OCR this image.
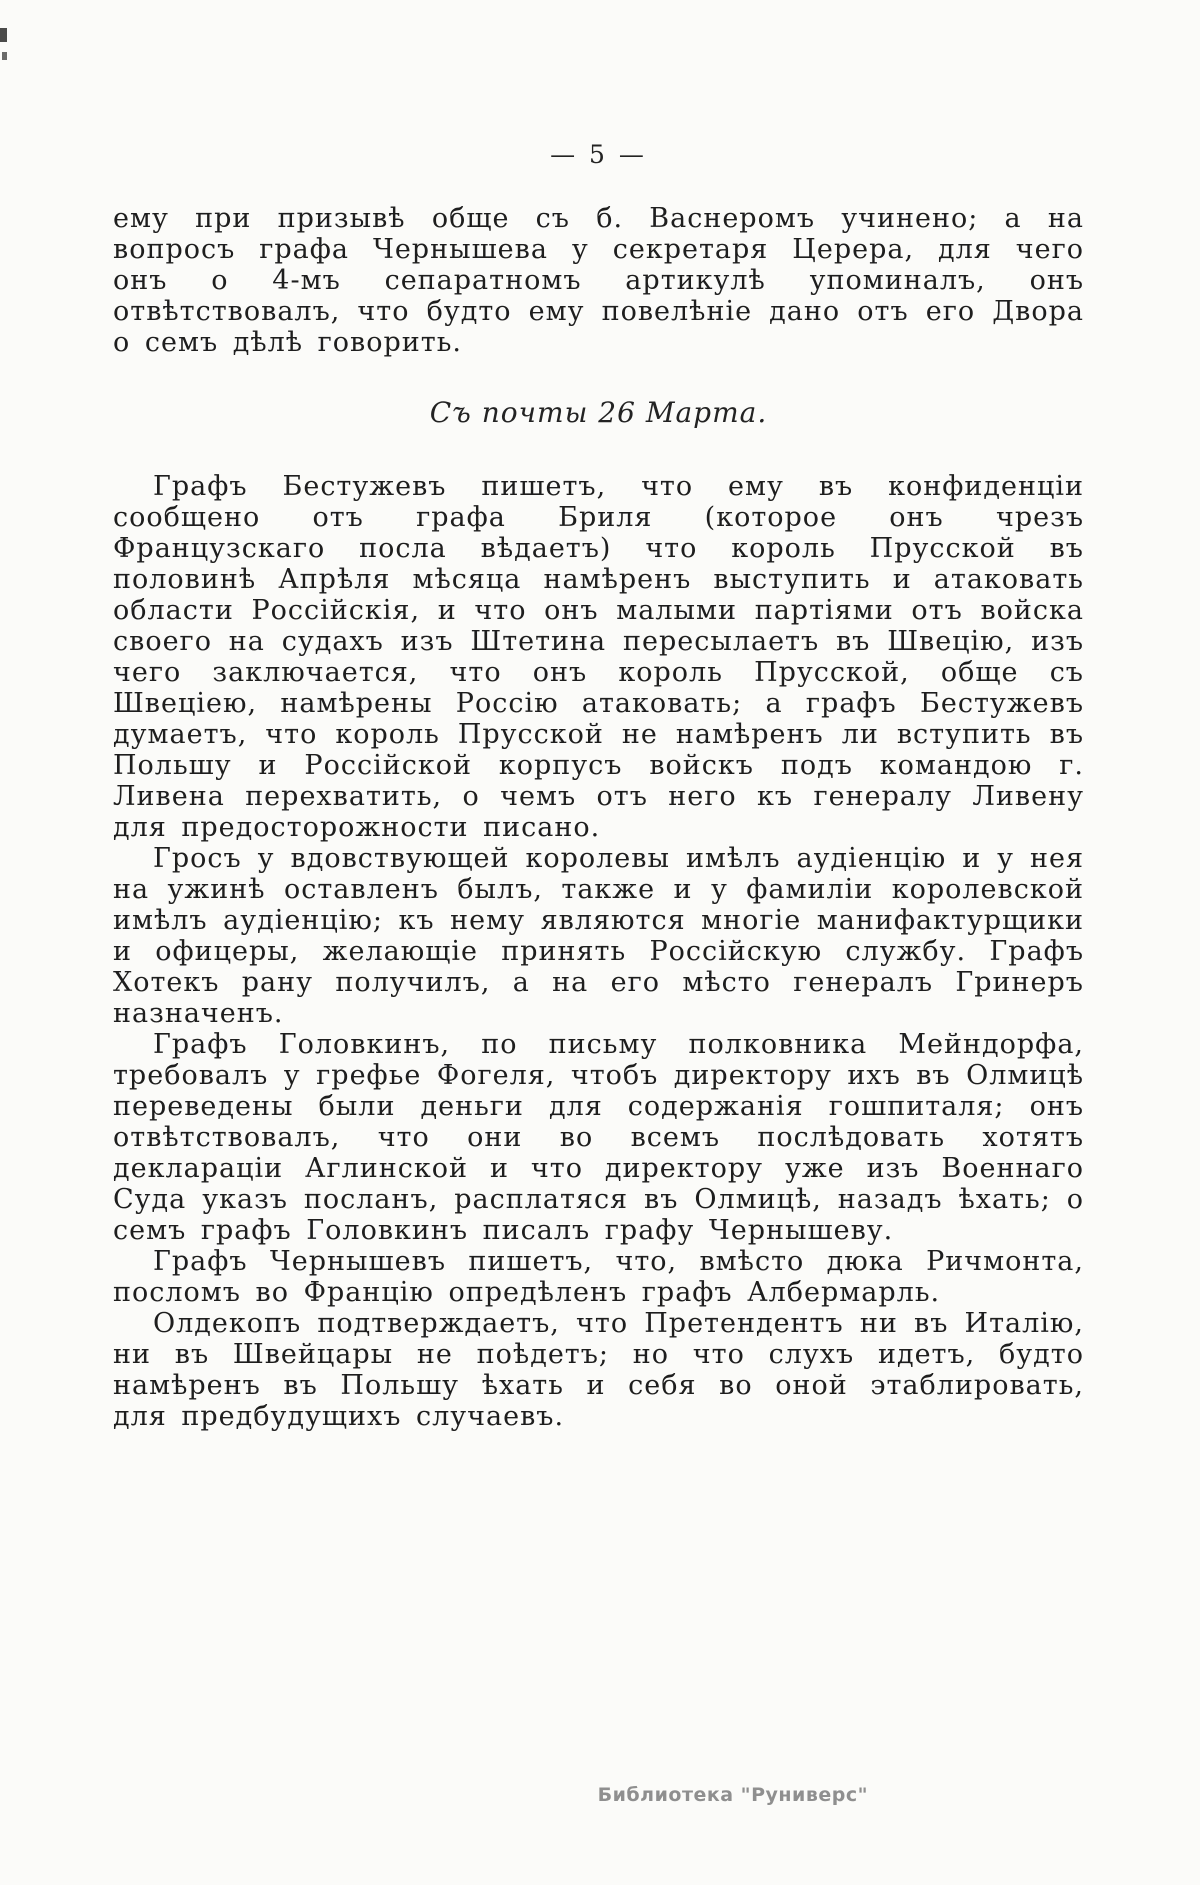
— 5 —

ему при призывѣ обще съ б. Васнеромъ учинено; а на вопросъ графа Чернышева у секретаря Церера, для чего онъ о 4-мъ сепаратномъ артикулѣ упоминалъ, онъ отвѣтствовалъ, что будто ему повелѣніе дано отъ его Двора о семъ дѣлѣ говорить.

Съ почты 26 Марта.

Графъ Бестужевъ пишетъ, что ему въ конфиденціи сообщено отъ графа Бриля (которое онъ чрезъ Французскаго посла вѣдаетъ) что король Прусской въ половинѣ Апрѣля мѣсяца намѣренъ выступить и атаковать области Россійскія, и что онъ малыми партіями отъ войска своего на судахъ изъ Штетина пересылаетъ въ Швецію, изъ чего заключается, что онъ король Прусской, обще съ Швеціею, намѣрены Россію атаковать; а графъ Бестужевъ думаетъ, что король Прусской не намѣренъ ли вступить въ Польшу и Россійской корпусъ войскъ подъ командою г. Ливена перехватить, о чемъ отъ него къ генералу Ливену для предосторожности писано.

Гросъ у вдовствующей королевы имѣлъ аудіенцію и у нея на ужинѣ оставленъ былъ, также и у фамиліи королевской имѣлъ аудіенцію; къ нему являются многіе манифактурщики и офицеры, желающіе принять Россійскую службу. Графъ Хотекъ рану получилъ, а на его мѣсто генералъ Гринеръ назначенъ.

Графъ Головкинъ, по письму полковника Мейндорфа, требовалъ у грефье Фогеля, чтобъ директору ихъ въ Олмицѣ переведены были деньги для содержанія гошпиталя; онъ отвѣтствовалъ, что они во всемъ послѣдовать хотятъ деклараціи Аглинской и что директору уже изъ Военнаго Суда указъ посланъ, расплатяся въ Олмицѣ, назадъ ѣхать; о семъ графъ Головкинъ писалъ графу Чернышеву.

Графъ Чернышевъ пишетъ, что, вмѣсто дюка Ричмонта, посломъ во Францію опредѣленъ графъ Албермарль.

Олдекопъ подтверждаетъ, что Претендентъ ни въ Италію, ни въ Швейцары не поѣдетъ; но что слухъ идетъ, будто намѣренъ въ Польшу ѣхать и себя во оной этаблировать, для предбудущихъ случаевъ.

Библиотека "Руниверс"
